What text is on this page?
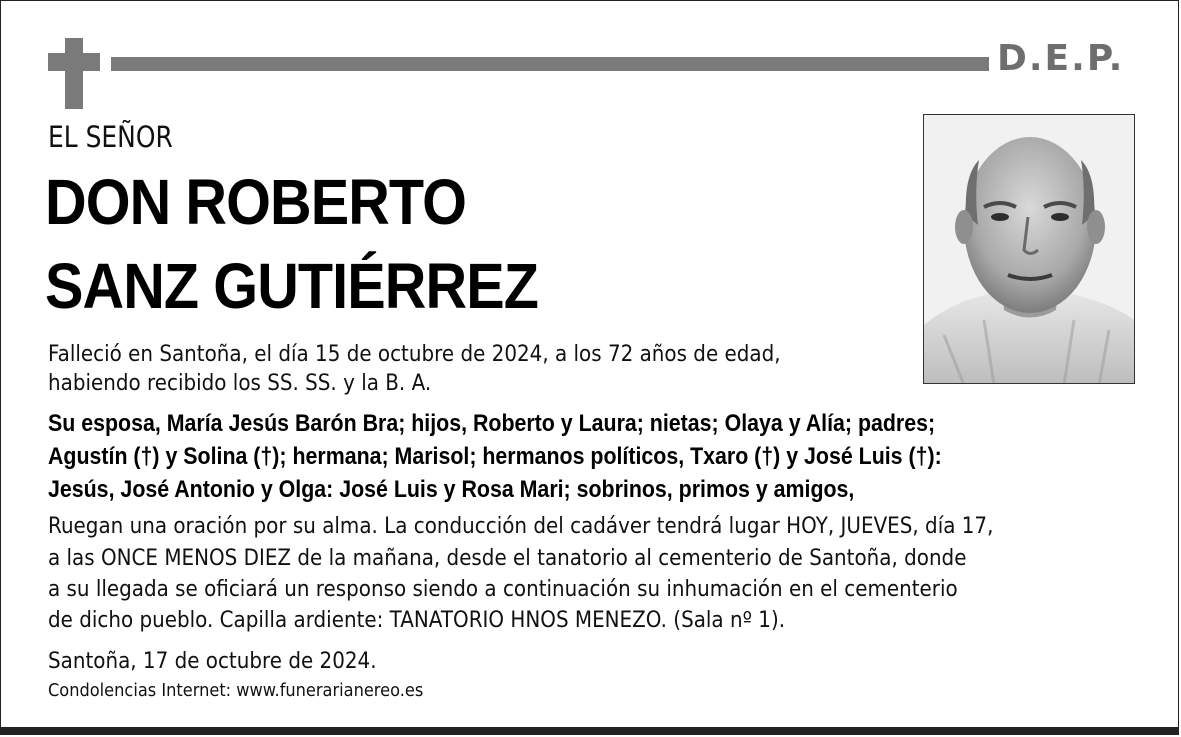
D.E.P.
EL SEÑOR
DON ROBERTO
SANZ GUTIÉRREZ
Falleció en Santoña, el día 15 de octubre de 2024, a los 72 años de edad,
habiendo recibido los SS. SS. y la B. A.
Su esposa, María Jesús Barón Bra; hijos, Roberto y Laura; nietas; Olaya y Alía; padres;
Agustín (†) y Solina (†); hermana; Marisol; hermanos políticos, Txaro (†) y José Luis (†):
Jesús, José Antonio y Olga: José Luis y Rosa Mari; sobrinos, primos y amigos,
Ruegan una oración por su alma. La conducción del cadáver tendrá lugar HOY, JUEVES, día 17,
a las ONCE MENOS DIEZ de la mañana, desde el tanatorio al cementerio de Santoña, donde
a su llegada se oficiará un responso siendo a continuación su inhumación en el cementerio
de dicho pueblo. Capilla ardiente: TANATORIO HNOS MENEZO. (Sala nº 1).
Santoña, 17 de octubre de 2024.
Condolencias Internet: www.funerarianereo.es
